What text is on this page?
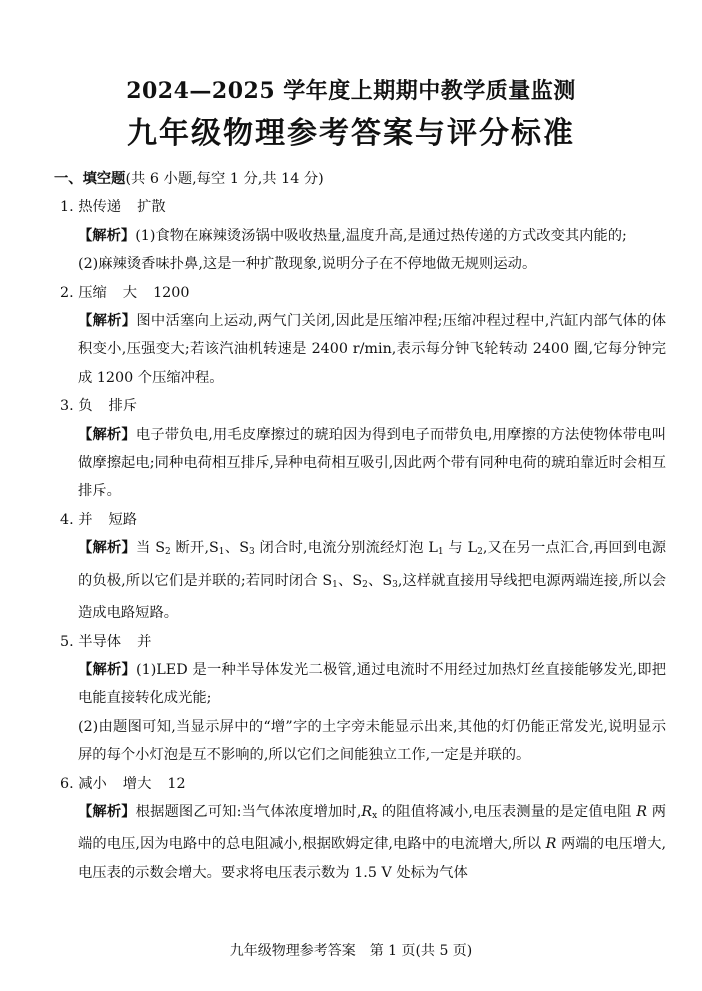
2024—2025 学年度上期期中教学质量监测
九年级物理参考答案与评分标准
一、填空题(共 6 小题,每空 1 分,共 14 分)
1. 热传递 扩散
【解析】(1)食物在麻辣烫汤锅中吸收热量,温度升高,是通过热传递的方式改变其内能的;
(2)麻辣烫香味扑鼻,这是一种扩散现象,说明分子在不停地做无规则运动。
2. 压缩 大 1200
【解析】图中活塞向上运动,两气门关闭,因此是压缩冲程;压缩冲程过程中,汽缸内部气体的体积变小,压强变大;若该汽油机转速是 2400 r/min,表示每分钟飞轮转动 2400 圈,它每分钟完成 1200 个压缩冲程。
3. 负 排斥
【解析】电子带负电,用毛皮摩擦过的琥珀因为得到电子而带负电,用摩擦的方法使物体带电叫做摩擦起电;同种电荷相互排斥,异种电荷相互吸引,因此两个带有同种电荷的琥珀靠近时会相互排斥。
4. 并 短路
【解析】当 $S_2$ 断开$,S_1$、$S_3$ 闭合时,电流分别流经灯泡 $L_1$ 与 $L_2$,又在另一点汇合,再回到电源的负极,所以它们是并联的;若同时闭合 $S_1$、$S_2$、$S_3$,这样就直接用导线把电源两端连接,所以会造成电路短路。
5. 半导体 并
【解析】(1)LED 是一种半导体发光二极管,通过电流时不用经过加热灯丝直接能够发光,即把电能直接转化成光能;
(2)由题图可知,当显示屏中的“增”字的土字旁未能显示出来,其他的灯仍能正常发光,说明显示屏的每个小灯泡是互不影响的,所以它们之间能独立工作,一定是并联的。
6. 减小 增大 12
【解析】根据题图乙可知:当气体浓度增加时$,R_x$ 的阻值将减小,电压表测量的是定值电阻 R 两端的电压,因为电路中的总电阻减小,根据欧姆定律,电路中的电流增大,所以 R 两端的电压增大,电压表的示数会增大。要求将电压表示数为 1.5 V 处标为气体
九年级物理参考答案　第 1 页(共 5 页)
